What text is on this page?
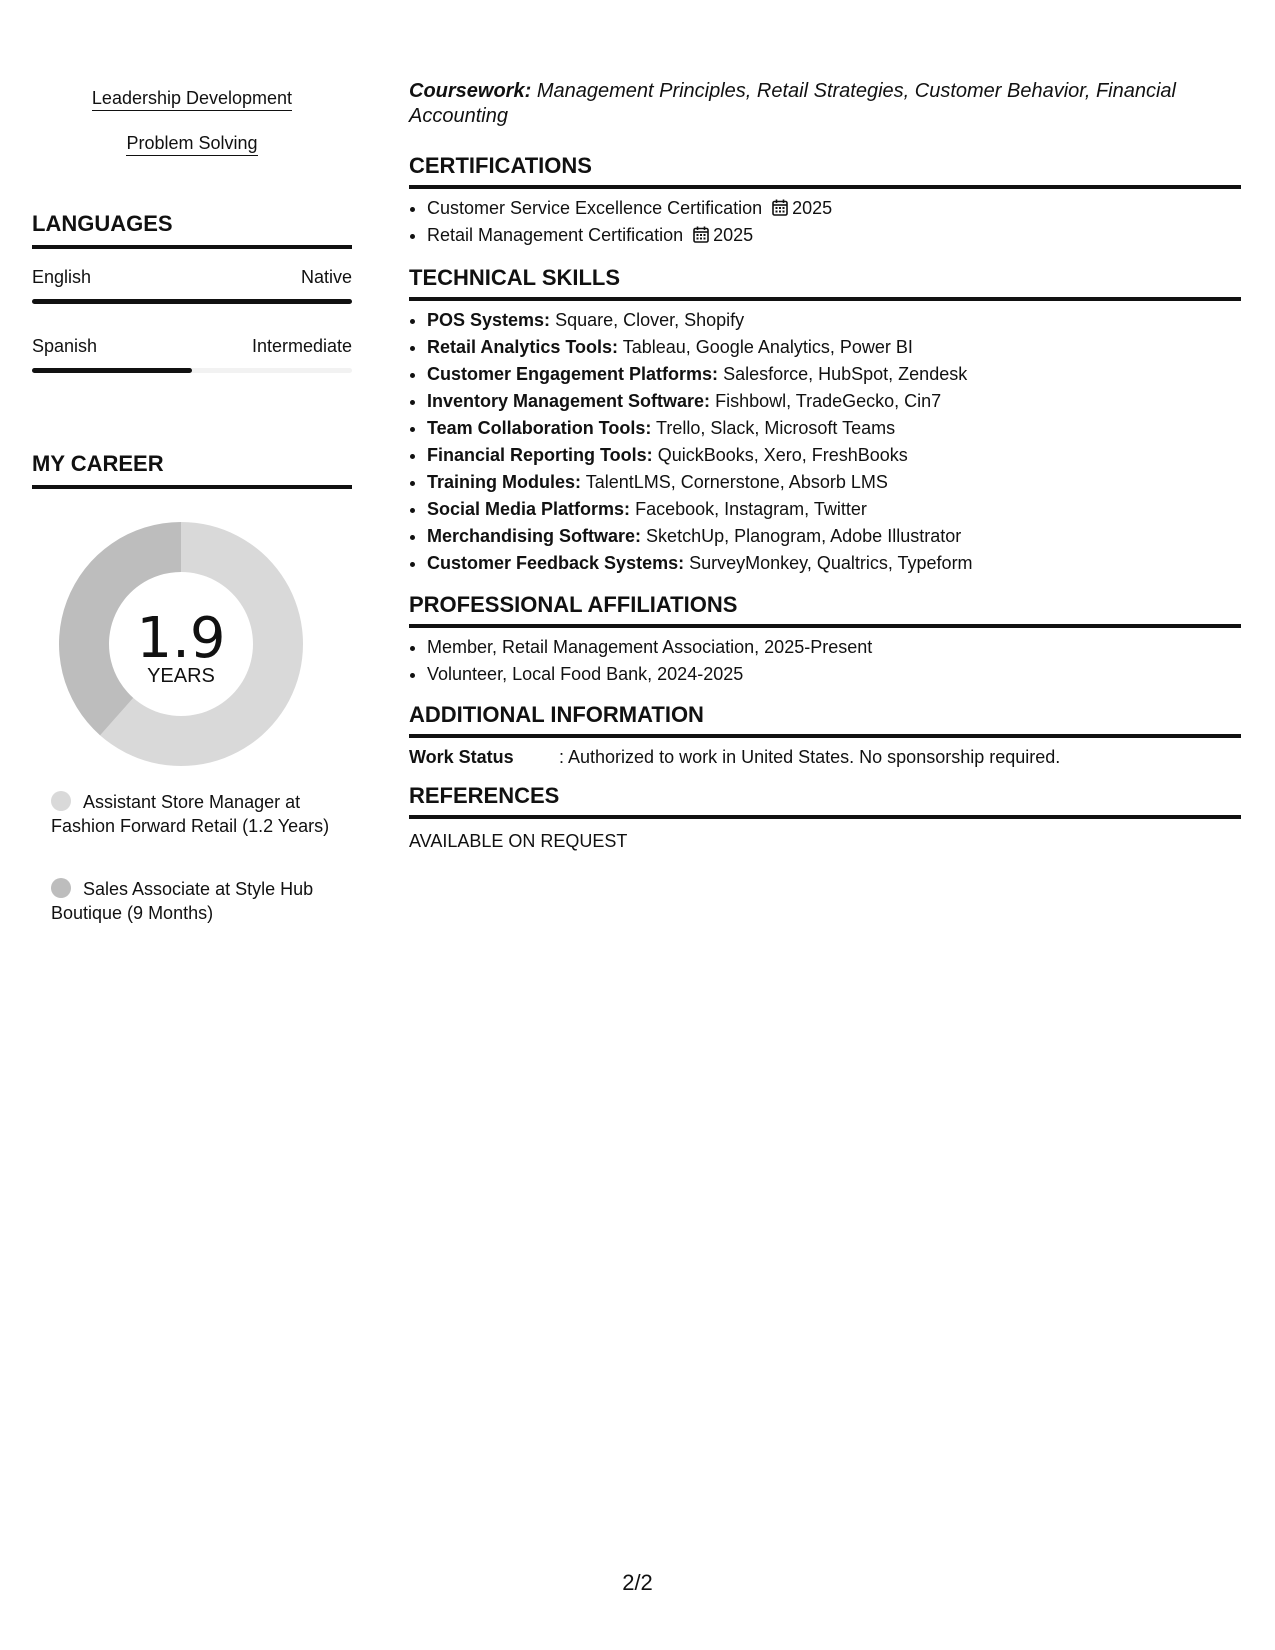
Leadership Development
Problem Solving
LANGUAGES
English	Native
Spanish	Intermediate
MY CAREER
1.9
YEARS
Assistant Store Manager at Fashion Forward Retail (1.2 Years)
Sales Associate at Style Hub Boutique (9 Months)
Coursework: Management Principles, Retail Strategies, Customer Behavior, Financial Accounting
CERTIFICATIONS
• Customer Service Excellence Certification 2025
• Retail Management Certification 2025
TECHNICAL SKILLS
• POS Systems: Square, Clover, Shopify
• Retail Analytics Tools: Tableau, Google Analytics, Power BI
• Customer Engagement Platforms: Salesforce, HubSpot, Zendesk
• Inventory Management Software: Fishbowl, TradeGecko, Cin7
• Team Collaboration Tools: Trello, Slack, Microsoft Teams
• Financial Reporting Tools: QuickBooks, Xero, FreshBooks
• Training Modules: TalentLMS, Cornerstone, Absorb LMS
• Social Media Platforms: Facebook, Instagram, Twitter
• Merchandising Software: SketchUp, Planogram, Adobe Illustrator
• Customer Feedback Systems: SurveyMonkey, Qualtrics, Typeform
PROFESSIONAL AFFILIATIONS
• Member, Retail Management Association, 2025-Present
• Volunteer, Local Food Bank, 2024-2025
ADDITIONAL INFORMATION
Work Status	: Authorized to work in United States. No sponsorship required.
REFERENCES
AVAILABLE ON REQUEST
2/2
